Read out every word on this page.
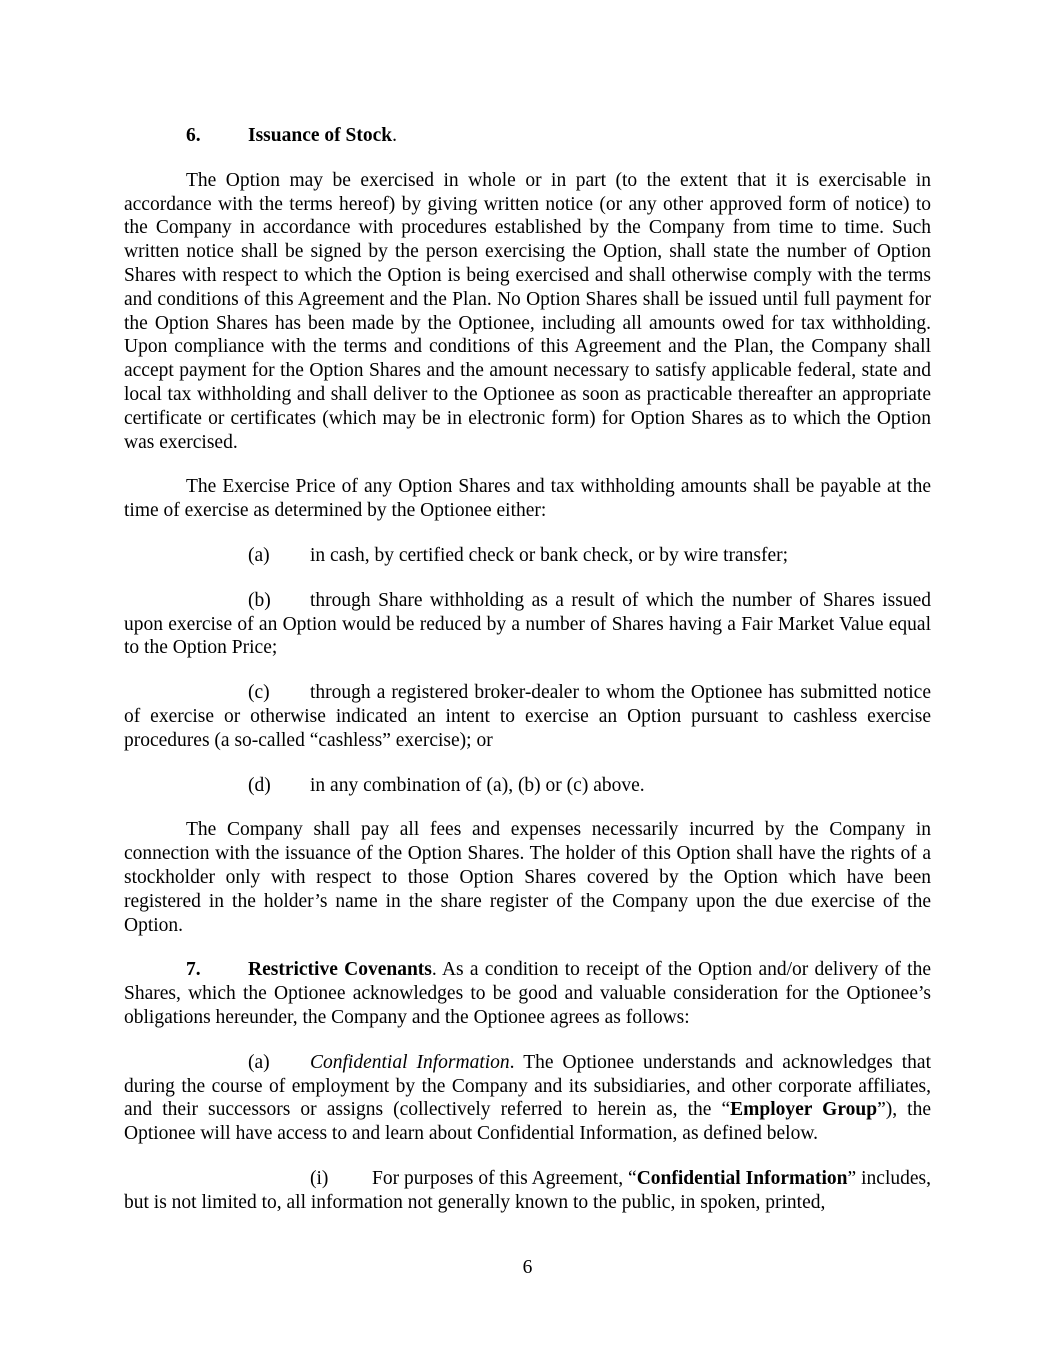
6. Issuance of Stock.

The Option may be exercised in whole or in part (to the extent that it is exercisable in accordance with the terms hereof) by giving written notice (or any other approved form of notice) to the Company in accordance with procedures established by the Company from time to time. Such written notice shall be signed by the person exercising the Option, shall state the number of Option Shares with respect to which the Option is being exercised and shall otherwise comply with the terms and conditions of this Agreement and the Plan. No Option Shares shall be issued until full payment for the Option Shares has been made by the Optionee, including all amounts owed for tax withholding. Upon compliance with the terms and conditions of this Agreement and the Plan, the Company shall accept payment for the Option Shares and the amount necessary to satisfy applicable federal, state and local tax withholding and shall deliver to the Optionee as soon as practicable thereafter an appropriate certificate or certificates (which may be in electronic form) for Option Shares as to which the Option was exercised.

The Exercise Price of any Option Shares and tax withholding amounts shall be payable at the time of exercise as determined by the Optionee either:

(a) in cash, by certified check or bank check, or by wire transfer;

(b) through Share withholding as a result of which the number of Shares issued upon exercise of an Option would be reduced by a number of Shares having a Fair Market Value equal to the Option Price;

(c) through a registered broker-dealer to whom the Optionee has submitted notice of exercise or otherwise indicated an intent to exercise an Option pursuant to cashless exercise procedures (a so-called “cashless” exercise); or

(d) in any combination of (a), (b) or (c) above.

The Company shall pay all fees and expenses necessarily incurred by the Company in connection with the issuance of the Option Shares. The holder of this Option shall have the rights of a stockholder only with respect to those Option Shares covered by the Option which have been registered in the holder’s name in the share register of the Company upon the due exercise of the Option.

7. Restrictive Covenants. As a condition to receipt of the Option and/or delivery of the Shares, which the Optionee acknowledges to be good and valuable consideration for the Optionee’s obligations hereunder, the Company and the Optionee agrees as follows:

(a) Confidential Information. The Optionee understands and acknowledges that during the course of employment by the Company and its subsidiaries, and other corporate affiliates, and their successors or assigns (collectively referred to herein as, the “Employer Group”), the Optionee will have access to and learn about Confidential Information, as defined below.

(i) For purposes of this Agreement, “Confidential Information” includes, but is not limited to, all information not generally known to the public, in spoken, printed,

6
